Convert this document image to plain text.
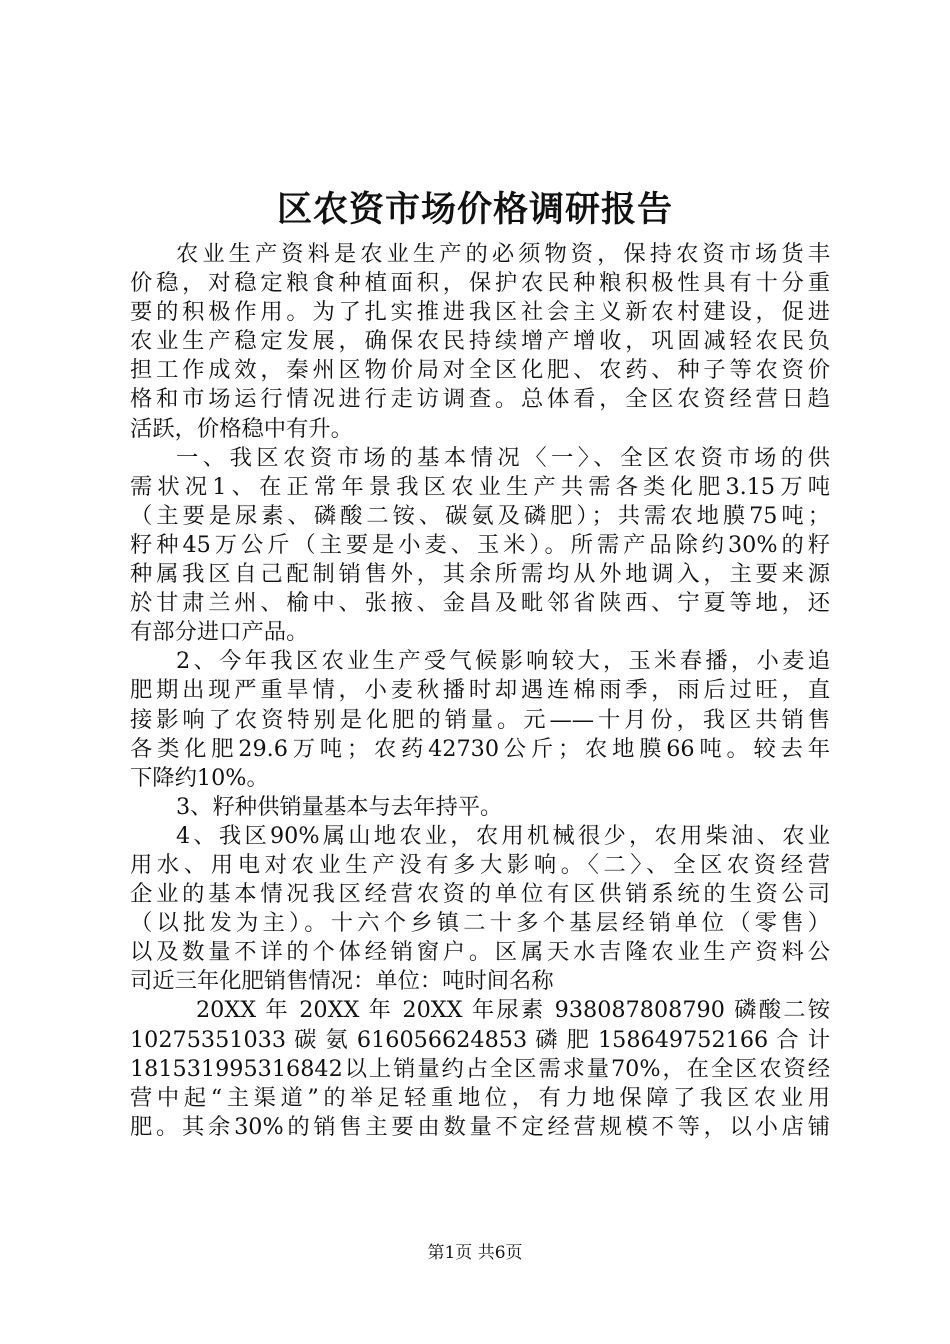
区农资市场价格调研报告
农业生产资料是农业生产的必须物资，保持农资市场货丰
价稳，对稳定粮食种植面积，保护农民种粮积极性具有十分重
要的积极作用。为了扎实推进我区社会主义新农村建设，促进
农业生产稳定发展，确保农民持续增产增收，巩固减轻农民负
担工作成效，秦州区物价局对全区化肥、农药、种子等农资价
格和市场运行情况进行走访调查。总体看，全区农资经营日趋
活跃，价格稳中有升。
一、我区农资市场的基本情况〈一〉、全区农资市场的供
需状况1、在正常年景我区农业生产共需各类化肥3.15万吨
（主要是尿素、磷酸二铵、碳氨及磷肥）；共需农地膜75吨；
籽种45万公斤（主要是小麦、玉米）。所需产品除约30%的籽
种属我区自己配制销售外，其余所需均从外地调入，主要来源
於甘肃兰州、榆中、张掖、金昌及毗邻省陕西、宁夏等地，还
有部分进口产品。
2、今年我区农业生产受气候影响较大，玉米春播，小麦追
肥期出现严重旱情，小麦秋播时却遇连棉雨季，雨后过旺，直
接影响了农资特别是化肥的销量。元——十月份，我区共销售
各类化肥29.6万吨；农药42730公斤；农地膜66吨。较去年
下降约10%。
3、籽种供销量基本与去年持平。
4、我区90%属山地农业，农用机械很少，农用柴油、农业
用水、用电对农业生产没有多大影响。〈二〉、全区农资经营
企业的基本情况我区经营农资的单位有区供销系统的生资公司
（以批发为主）。十六个乡镇二十多个基层经销单位（零售）
以及数量不详的个体经销窗户。区属天水吉隆农业生产资料公
司近三年化肥销售情况：单位：吨时间名称
20XX 年 20XX 年 20XX 年尿素 938087808790 磷酸二铵
10275351033 碳 氨 616056624853 磷 肥 158649752166 合 计
181531995316842以上销量约占全区需求量70%，在全区农资经
营中起“主渠道”的举足轻重地位，有力地保障了我区农业用
肥。其余30%的销售主要由数量不定经营规模不等，以小店铺
第1页 共6页
